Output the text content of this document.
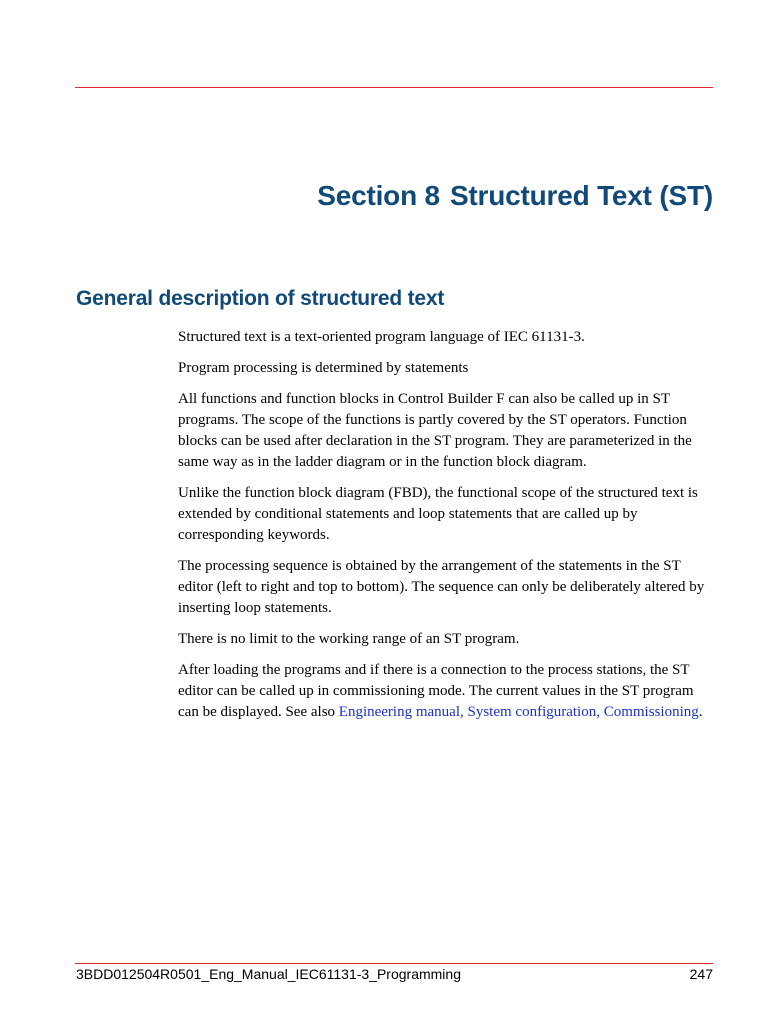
Section 8 Structured Text (ST)
General description of structured text

Structured text is a text-oriented program language of IEC 61131-3.

Program processing is determined by statements

All functions and function blocks in Control Builder F can also be called up in ST programs. The scope of the functions is partly covered by the ST operators. Function blocks can be used after declaration in the ST program. They are parameterized in the same way as in the ladder diagram or in the function block diagram.

Unlike the function block diagram (FBD), the functional scope of the structured text is extended by conditional statements and loop statements that are called up by corresponding keywords.

The processing sequence is obtained by the arrangement of the statements in the ST editor (left to right and top to bottom). The sequence can only be deliberately altered by inserting loop statements.

There is no limit to the working range of an ST program.

After loading the programs and if there is a connection to the process stations, the ST editor can be called up in commissioning mode. The current values in the ST program can be displayed. See also Engineering manual, System configuration, Commissioning.

3BDD012504R0501_Eng_Manual_IEC61131-3_Programming	247
